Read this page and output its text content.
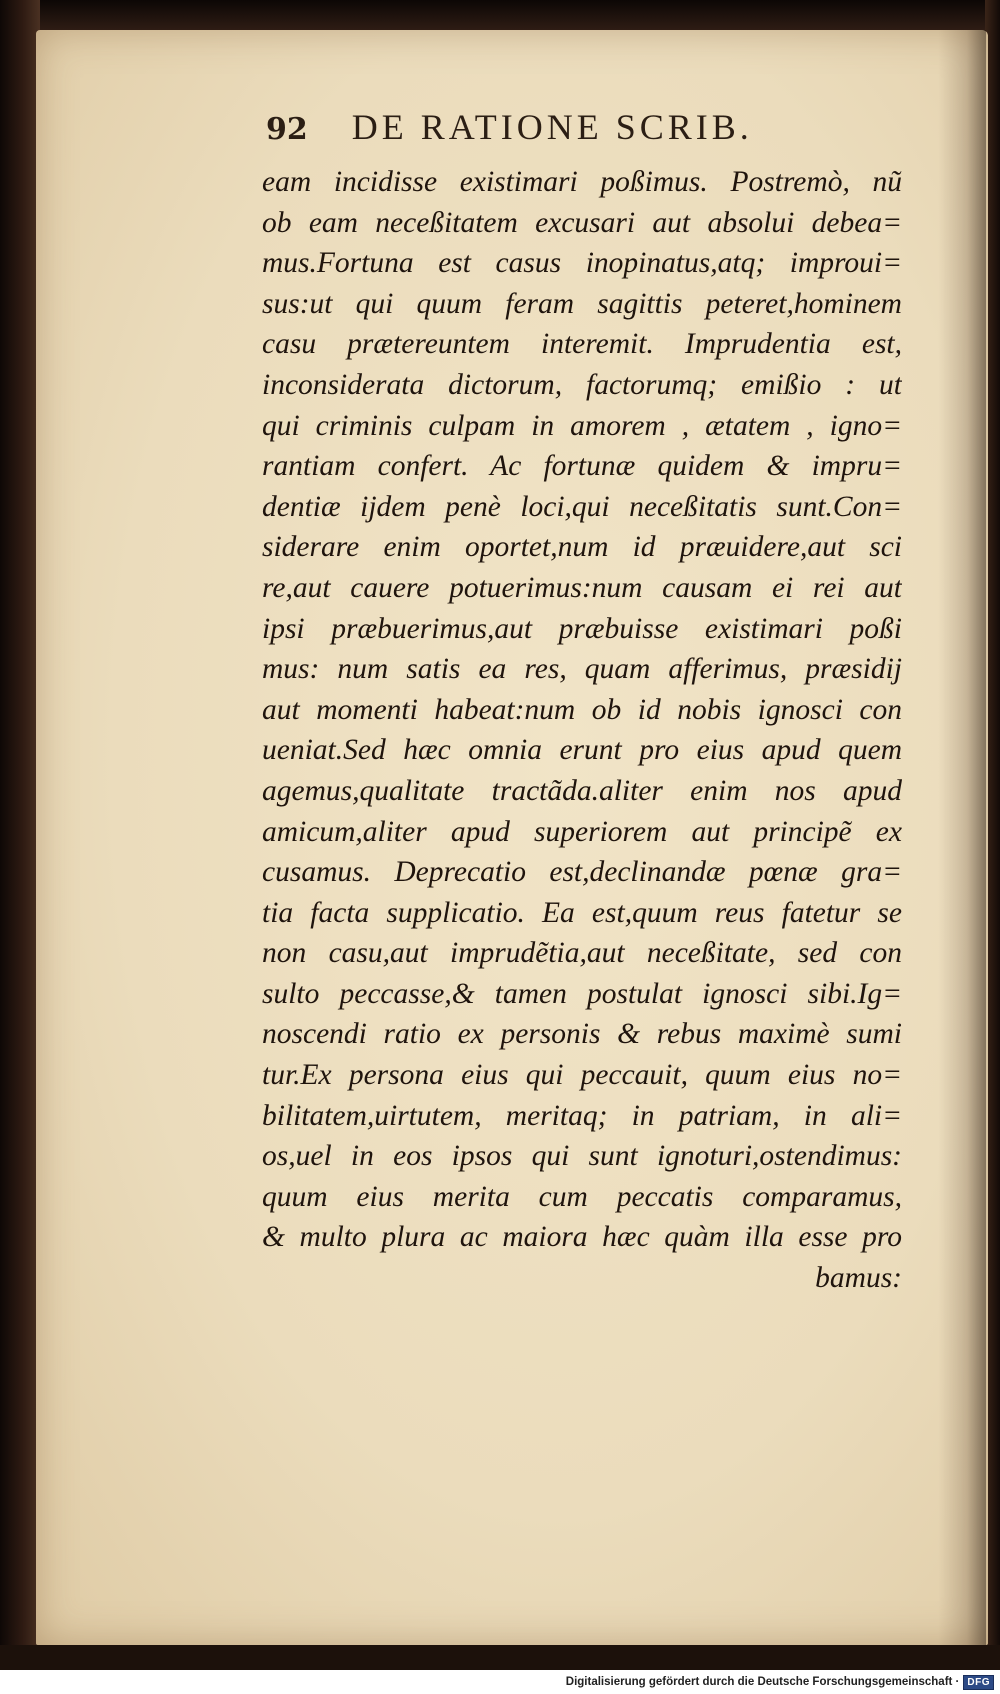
92 DE RATIONE SCRIB.
eam incidisse existimari poßimus. Postremò, nũ
ob eam neceßitatem excusari aut absolui debea=
mus.Fortuna est casus inopinatus,atq; improui=
sus:ut qui quum feram sagittis peteret,hominem
casu prætereuntem interemit. Imprudentia est,
inconsiderata dictorum, factorumq; emißio : ut
qui criminis culpam in amorem , ætatem , igno=
rantiam confert. Ac fortunæ quidem & impru=
dentiæ ijdem penè loci,qui neceßitatis sunt.Con=
siderare enim oportet,num id præuidere,aut sci
re,aut cauere potuerimus:num causam ei rei aut
ipsi præbuerimus,aut præbuisse existimari poßi
mus: num satis ea res, quam afferimus, præsidij
aut momenti habeat:num ob id nobis ignosci con
ueniat.Sed hæc omnia erunt pro eius apud quem
agemus,qualitate tractãda.aliter enim nos apud
amicum,aliter apud superiorem aut principẽ ex
cusamus. Deprecatio est,declinandæ pœnæ gra=
tia facta supplicatio. Ea est,quum reus fatetur se
non casu,aut imprudẽtia,aut neceßitate, sed con
sulto peccasse,& tamen postulat ignosci sibi.Ig=
noscendi ratio ex personis & rebus maximè sumi
tur.Ex persona eius qui peccauit, quum eius no=
bilitatem,uirtutem, meritaq; in patriam, in ali=
os,uel in eos ipsos qui sunt ignoturi,ostendimus:
quum eius merita cum peccatis comparamus,
& multo plura ac maiora hæc quàm illa esse pro
bamus:
Digitalisierung gefördert durch die Deutsche Forschungsgemeinschaft · DFG
